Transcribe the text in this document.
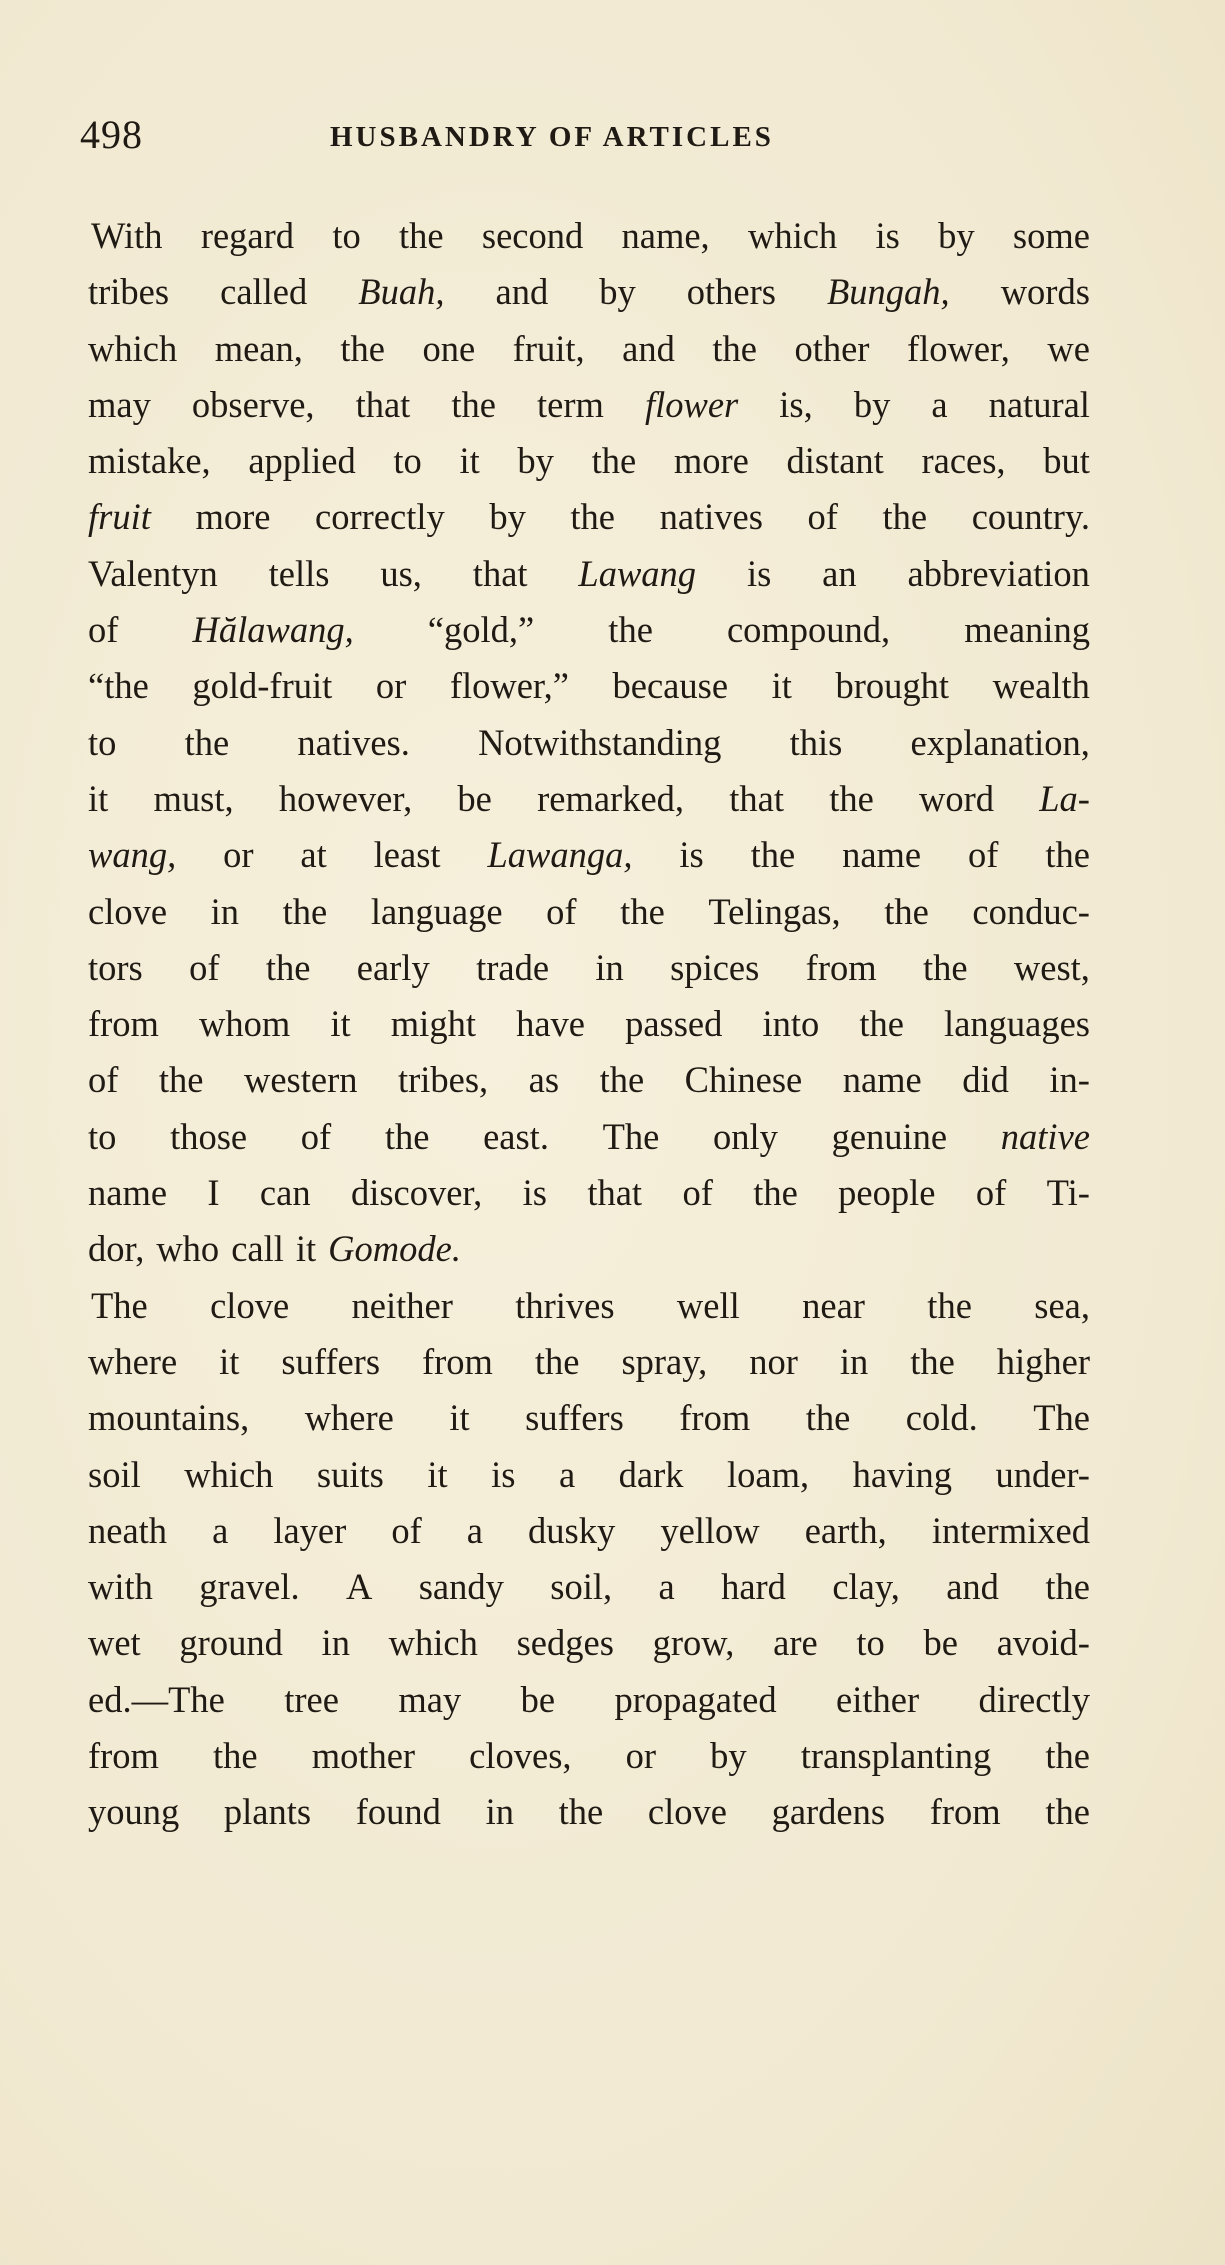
498	HUSBANDRY OF ARTICLES
With regard to the second name, which is by some
tribes called Buah, and by others Bungah, words
which mean, the one fruit, and the other flower, we
may observe, that the term flower is, by a natural
mistake, applied to it by the more distant races, but
fruit more correctly by the natives of the country.
Valentyn tells us, that Lawang is an abbreviation
of Hălawang, “gold,” the compound, meaning
“the gold-fruit or flower,” because it brought wealth
to the natives. Notwithstanding this explanation,
it must, however, be remarked, that the word La-
wang, or at least Lawanga, is the name of the
clove in the language of the Telingas, the conduc-
tors of the early trade in spices from the west,
from whom it might have passed into the languages
of the western tribes, as the Chinese name did in-
to those of the east. The only genuine native
name I can discover, is that of the people of Ti-
dor, who call it Gomode.
The clove neither thrives well near the sea,
where it suffers from the spray, nor in the higher
mountains, where it suffers from the cold. The
soil which suits it is a dark loam, having under-
neath a layer of a dusky yellow earth, intermixed
with gravel. A sandy soil, a hard clay, and the
wet ground in which sedges grow, are to be avoid-
ed.—The tree may be propagated either directly
from the mother cloves, or by transplanting the
young plants found in the clove gardens from the
